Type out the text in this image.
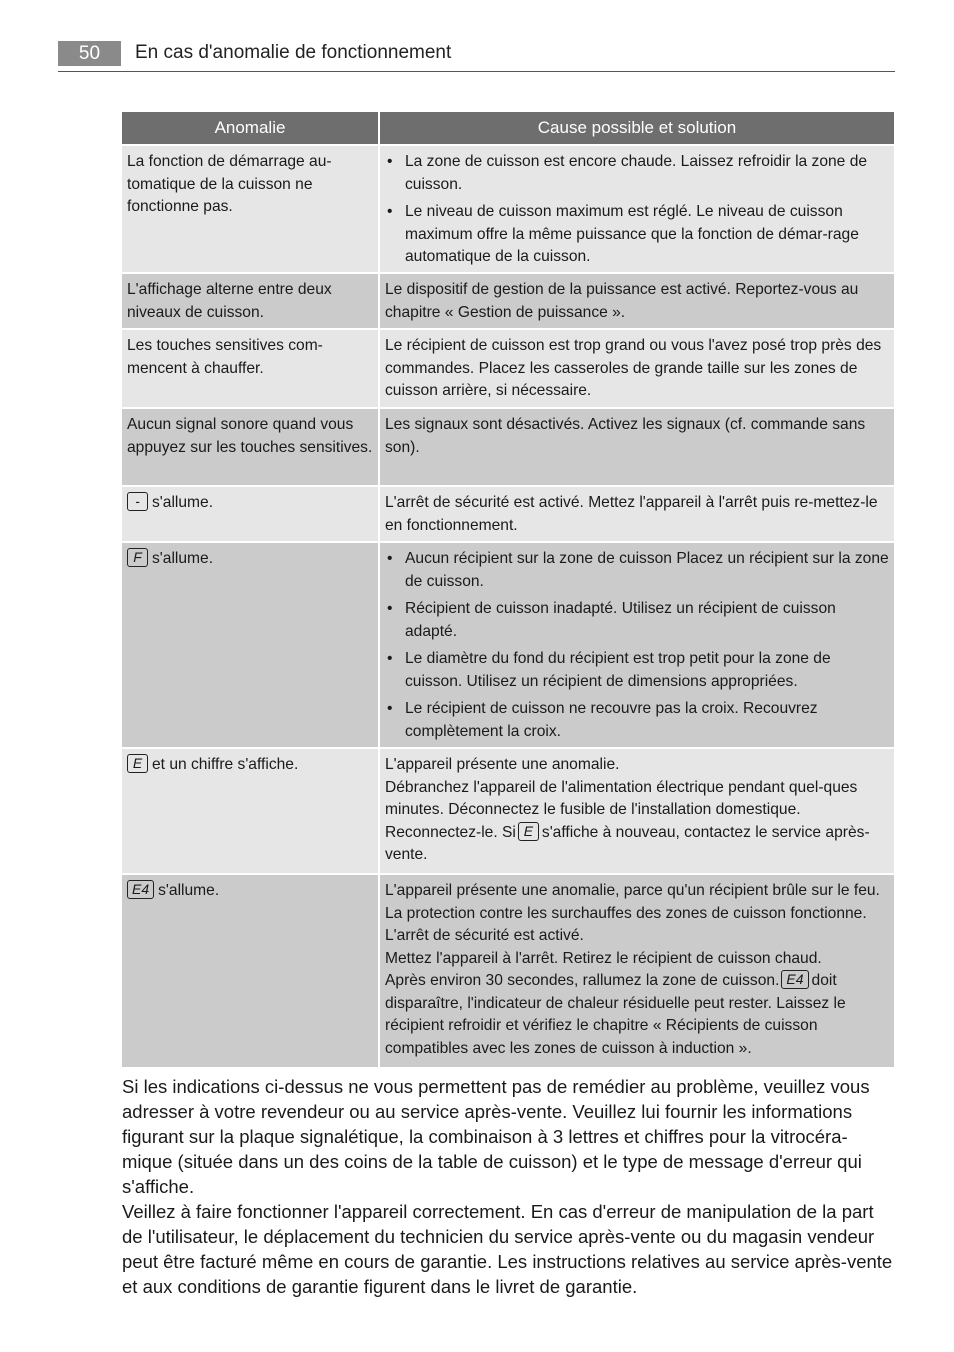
50	En cas d'anomalie de fonctionnement
Anomalie	Cause possible et solution
La fonction de démarrage au-tomatique de la cuisson ne fonctionne pas.
• La zone de cuisson est encore chaude. Laissez refroidir la zone de cuisson.
• Le niveau de cuisson maximum est réglé. Le niveau de cuisson maximum offre la même puissance que la fonction de démar-rage automatique de la cuisson.
L'affichage alterne entre deux niveaux de cuisson.
Le dispositif de gestion de la puissance est activé. Reportez-vous au chapitre « Gestion de puissance ».
Les touches sensitives com-mencent à chauffer.
Le récipient de cuisson est trop grand ou vous l'avez posé trop près des commandes. Placez les casseroles de grande taille sur les zones de cuisson arrière, si nécessaire.
Aucun signal sonore quand vous appuyez sur les touches sensitives.
Les signaux sont désactivés. Activez les signaux (cf. commande sans son).
- s'allume.	L'arrêt de sécurité est activé. Mettez l'appareil à l'arrêt puis re-mettez-le en fonctionnement.
F s'allume.
•	Aucun récipient sur la zone de cuisson Placez un récipient sur la zone de cuisson.
• Récipient de cuisson inadapté. Utilisez un récipient de cuisson adapté.
• Le diamètre du fond du récipient est trop petit pour la zone de cuisson. Utilisez un récipient de dimensions appropriées.
• Le récipient de cuisson ne recouvre pas la croix. Recouvrez complètement la croix.
E et un chiffre s'affiche.	L'appareil présente une anomalie.

Débranchez l'appareil de l'alimentation électrique pendant quel-ques minutes. Déconnectez le fusible de l'installation domestique.

Reconnectez-le. Si E s'affiche à nouveau, contactez le service après-vente.

E4 s'allume.	L'appareil présente une anomalie, parce qu'un récipient brûle sur le feu. La protection contre les surchauffes des zones de cuisson fonctionne. L'arrêt de sécurité est activé.

Mettez l'appareil à l'arrêt. Retirez le récipient de cuisson chaud.

Après environ 30 secondes, rallumez la zone de cuisson. E4 doit disparaître, l'indicateur de chaleur résiduelle peut rester. Laissez le récipient refroidir et vérifiez le chapitre « Récipients de cuisson compatibles avec les zones de cuisson à induction ».

Si les indications ci-dessus ne vous permettent pas de remédier au problème, veuillez vous adresser à votre revendeur ou au service après-vente. Veuillez lui fournir les informations figurant sur la plaque signalétique, la combinaison à 3 lettres et chiffres pour la vitrocéra-mique (située dans un des coins de la table de cuisson) et le type de message d'erreur qui s'affiche.

Veillez à faire fonctionner l'appareil correctement. En cas d'erreur de manipulation de la part de l'utilisateur, le déplacement du technicien du service après-vente ou du magasin vendeur peut être facturé même en cours de garantie. Les instructions relatives au service après-vente et aux conditions de garantie figurent dans le livret de garantie.
